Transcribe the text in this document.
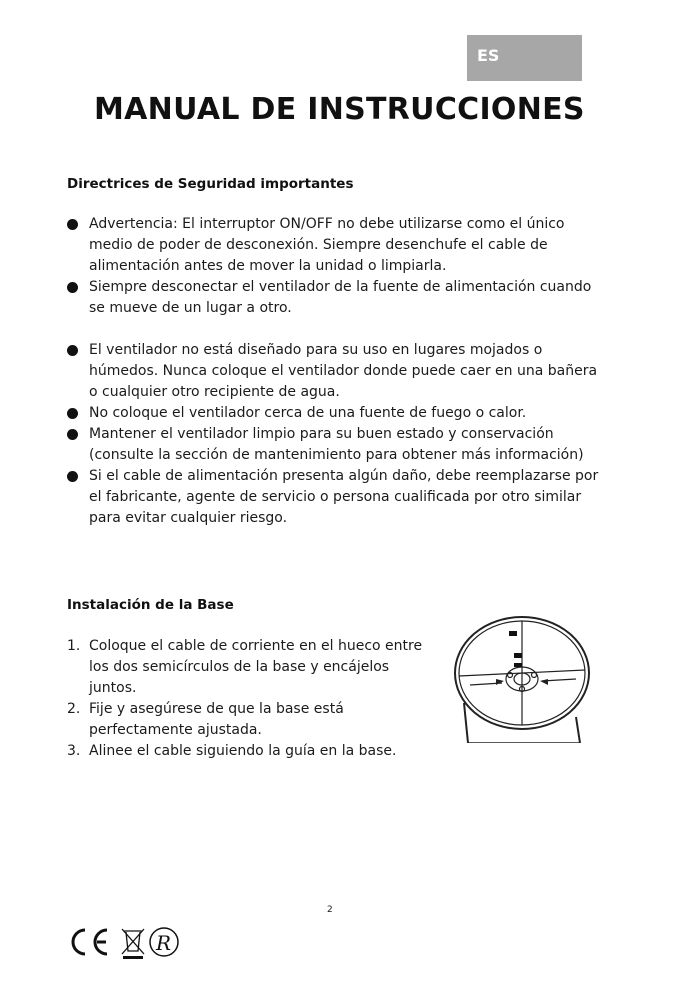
ES
MANUAL DE INSTRUCCIONES
Directrices de Seguridad importantes
Advertencia: El interruptor ON/OFF no debe utilizarse como el único medio de poder de desconexión. Siempre desenchufe el cable de alimentación antes de mover la unidad o limpiarla.
Siempre desconectar el ventilador de la fuente de alimentación cuando se mueve de un lugar a otro.
El ventilador no está diseñado para su uso en lugares mojados o húmedos. Nunca coloque el ventilador donde puede caer en una bañera o cualquier otro recipiente de agua.
No coloque el ventilador cerca de una fuente de fuego o calor.
Mantener el ventilador limpio para su buen estado y conservación (consulte la sección de mantenimiento para obtener más información)
Si el cable de alimentación presenta algún daño, debe reemplazarse por el fabricante, agente de servicio o persona cualificada por otro similar para evitar cualquier riesgo.
Instalación de la Base
1. Coloque el cable de corriente en el hueco entre los dos semicírculos de la base y encájelos juntos.
2. Fije y asegúrese de que la base está perfectamente ajustada.
3. Alinee el cable siguiendo la guía en la base.
2
R
